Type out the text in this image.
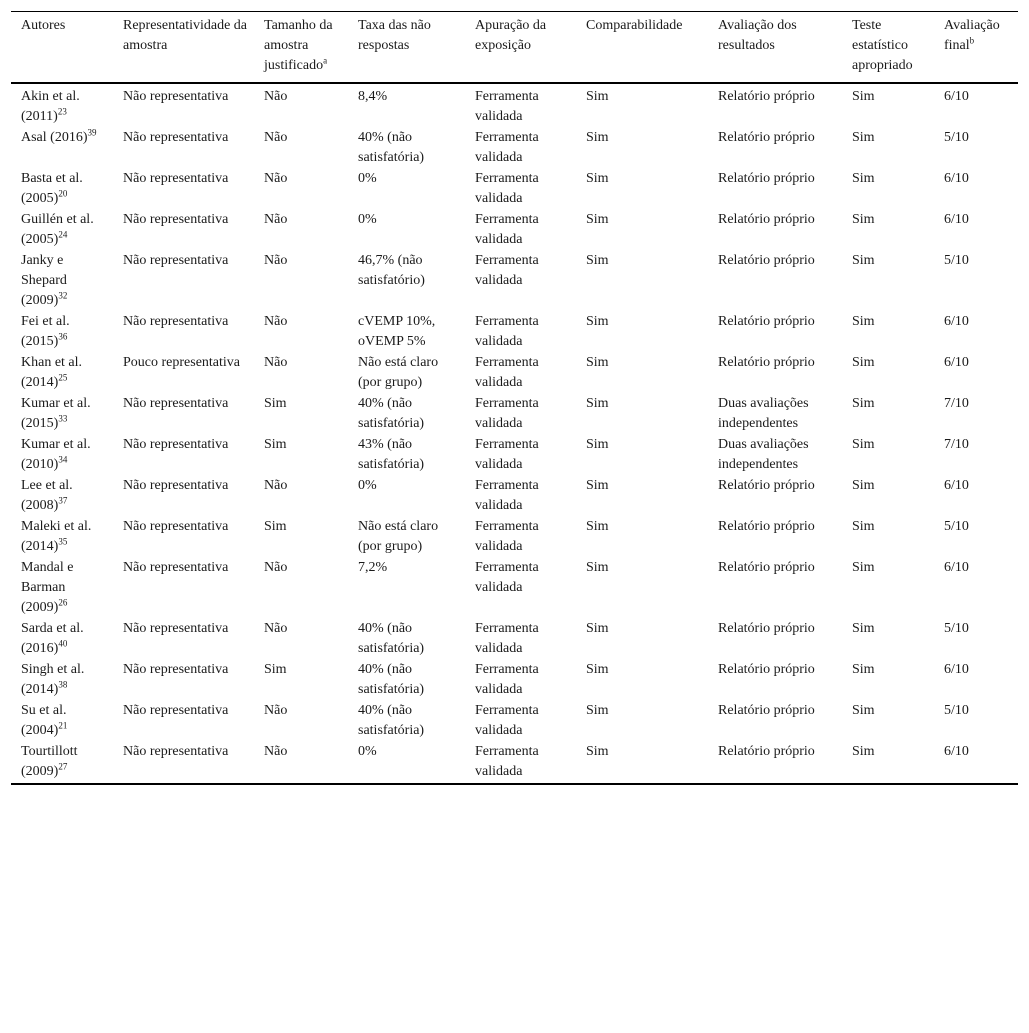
Autores	Representatividade da amostra	Tamanho da amostra justificado$^a$	Taxa das não respostas	Apuração da exposição	Comparabilidade	Avaliação dos resultados	Teste estatístico apropriado	Avaliação final$^b$
Akin et al. $(2011)^{23}$	Não representativa	Não	8,4%	Ferramenta validada	Sim	Relatório próprio	Sim	6/10
Asal $(2016)^{39}$	Não representativa	Não	40% (não satisfatória)	Ferramenta validada	Sim	Relatório próprio	Sim	5/10
Basta et al. $(2005)^{20}$	Não representativa	Não	0%	Ferramenta validada	Sim	Relatório próprio	Sim	6/10
Guillén et al. $(2005)^{24}$	Não representativa	Não	0%	Ferramenta validada	Sim	Relatório próprio	Sim	6/10
Janky e Shepard $(2009)^{32}$	Não representativa	Não	46,7% (não satisfatório)	Ferramenta validada	Sim	Relatório próprio	Sim	5/10
Fei et al. $(2015)^{36}$	Não representativa	Não	cVEMP 10%, oVEMP 5%	Ferramenta validada	Sim	Relatório próprio	Sim	6/10
Khan et al. $(2014)^{25}$	Pouco representativa	Não	Não está claro (por grupo)	Ferramenta validada	Sim	Relatório próprio	Sim	6/10
Kumar et al. $(2015)^{33}$	Não representativa	Sim	40% (não satisfatória)	Ferramenta validada	Sim	Duas avaliações independentes	Sim	7/10
Kumar et al. $(2010)^{34}$	Não representativa	Sim	43% (não satisfatória)	Ferramenta validada	Sim	Duas avaliações independentes	Sim	7/10
Lee et al. $(2008)^{37}$	Não representativa	Não	0%	Ferramenta validada	Sim	Relatório próprio	Sim	6/10
Maleki et al. $(2014)^{35}$	Não representativa	Sim	Não está claro (por grupo)	Ferramenta validada	Sim	Relatório próprio	Sim	5/10
Mandal e Barman $(2009)^{26}$	Não representativa	Não	7,2%	Ferramenta validada	Sim	Relatório próprio	Sim	6/10
Sarda et al. $(2016)^{40}$	Não representativa	Não	40% (não satisfatória)	Ferramenta validada	Sim	Relatório próprio	Sim	5/10
Singh et al. $(2014)^{38}$	Não representativa	Sim	40% (não satisfatória)	Ferramenta validada	Sim	Relatório próprio	Sim	6/10
Su et al. $(2004)^{21}$	Não representativa	Não	40% (não satisfatória)	Ferramenta validada	Sim	Relatório próprio	Sim	5/10
Tourtillott $(2009)^{27}$	Não representativa	Não	0%	Ferramenta validada	Sim	Relatório próprio	Sim	6/10
